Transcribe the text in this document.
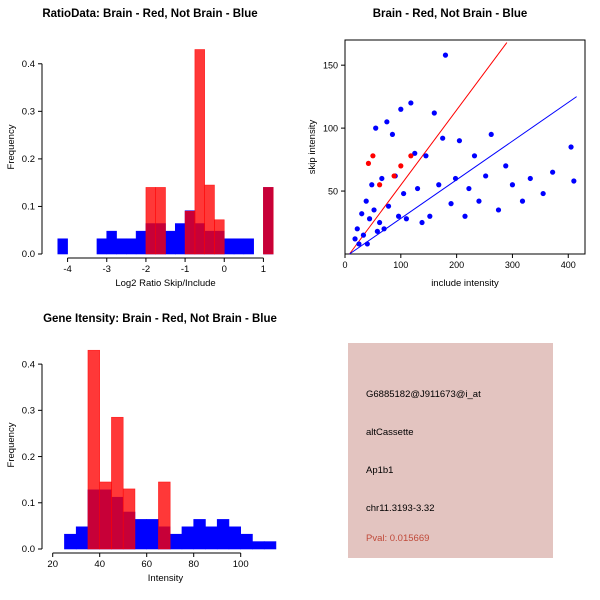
RatioData: Brain - Red, Not Brain - Blue
-4	-3	-2	-1	0	1
0.0
0.1
0.2
0.3
0.4
Log2 Ratio Skip/Include
Frequency
Brain - Red, Not Brain - Blue
0	100	200	300	400
50
100
150
include intensity
skip intensity
Gene Itensity: Brain - Red, Not Brain - Blue
20	40	60	80	100
0.0
0.1
0.2
0.3
0.4
Intensity
Frequency
G6885182@J911673@i_at
altCassette
Ap1b1
chr11.3193-3.32
Pval: 0.015669
